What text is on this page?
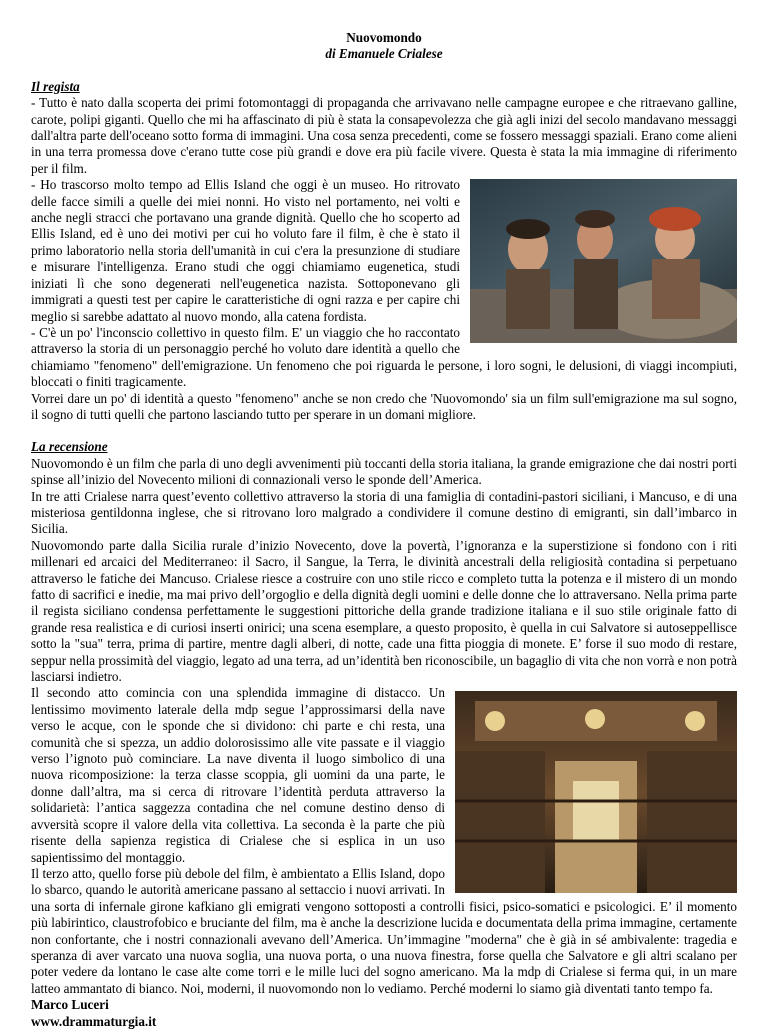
Nuovomondo

di Emanuele Crialese

Il regista

- Tutto è nato dalla scoperta dei primi fotomontaggi di propaganda che arrivavano nelle campagne europee e che ritraevano galline, carote, polipi giganti. Quello che mi ha affascinato di più è stata la consapevolezza che già agli inizi del secolo mandavano messaggi dall'altra parte dell'oceano sotto forma di immagini. Una cosa senza precedenti, come se fossero messaggi spaziali. Erano come alieni in una terra promessa dove c'erano tutte cose più grandi e dove era più facile vivere. Questa è stata la mia immagine di riferimento per il film.

- Ho trascorso molto tempo ad Ellis Island che oggi è un museo. Ho ritrovato delle facce simili a quelle dei miei nonni. Ho visto nel portamento, nei volti e anche negli stracci che portavano una grande dignità. Quello che ho scoperto ad Ellis Island, ed è uno dei motivi per cui ho voluto fare il film, è che è stato il primo laboratorio nella storia dell'umanità in cui c'era la presunzione di studiare e misurare l'intelligenza. Erano studi che oggi chiamiamo eugenetica, studi iniziati lì che sono degenerati nell'eugenetica nazista. Sottoponevano gli immigrati a questi test per capire le caratteristiche di ogni razza e per capire chi meglio si sarebbe adattato al nuovo mondo, alla catena fordista.

- C'è un po' l'inconscio collettivo in questo film. E' un viaggio che ho raccontato attraverso la storia di un personaggio perché ho voluto dare identità a quello che chiamiamo "fenomeno" dell'emigrazione. Un fenomeno che poi riguarda le persone, i loro sogni, le delusioni, di viaggi incompiuti, bloccati o finiti tragicamente.

Vorrei dare un po' di identità a questo "fenomeno" anche se non credo che 'Nuovomondo' sia un film sull'emigrazione ma sul sogno, il sogno di tutti quelli che partono lasciando tutto per sperare in un domani migliore.

La recensione

Nuovomondo è un film che parla di uno degli avvenimenti più toccanti della storia italiana, la grande emigrazione che dai nostri porti spinse all’inizio del Novecento milioni di connazionali verso le sponde dell’America.

In tre atti Crialese narra quest’evento collettivo attraverso la storia di una famiglia di contadini-pastori siciliani, i Mancuso, e di una misteriosa gentildonna inglese, che si ritrovano loro malgrado a condividere il comune destino di emigranti, sin dall’imbarco in Sicilia.

Nuovomondo parte dalla Sicilia rurale d’inizio Novecento, dove la povertà, l’ignoranza e la superstizione si fondono con i riti millenari ed arcaici del Mediterraneo: il Sacro, il Sangue, la Terra, le divinità ancestrali della religiosità contadina si perpetuano attraverso le fatiche dei Mancuso. Crialese riesce a costruire con uno stile ricco e completo tutta la potenza e il mistero di un mondo fatto di sacrifici e inedie, ma mai privo dell’orgoglio e della dignità degli uomini e delle donne che lo attraversano. Nella prima parte il regista siciliano condensa perfettamente le suggestioni pittoriche della grande tradizione italiana e il suo stile originale fatto di grande resa realistica e di curiosi inserti onirici; una scena esemplare, a questo proposito, è quella in cui Salvatore si autoseppellisce sotto la "sua" terra, prima di partire, mentre dagli alberi, di notte, cade una fitta pioggia di monete. E’ forse il suo modo di restare, seppur nella prossimità del viaggio, legato ad una terra, ad un’identità ben riconoscibile, un bagaglio di vita che non vorrà e non potrà lasciarsi indietro.

Il secondo atto comincia con una splendida immagine di distacco. Un lentissimo movimento laterale della mdp segue l’approssimarsi della nave verso le acque, con le sponde che si dividono: chi parte e chi resta, una comunità che si spezza, un addio dolorosissimo alle vite passate e il viaggio verso l’ignoto può cominciare. La nave diventa il luogo simbolico di una nuova ricomposizione: la terza classe scoppia, gli uomini da una parte, le donne dall’altra, ma si cerca di ritrovare l’identità perduta attraverso la solidarietà: l’antica saggezza contadina che nel comune destino denso di avversità scopre il valore della vita collettiva. La seconda è la parte che più risente della sapienza registica di Crialese che si esplica in un uso sapientissimo del montaggio.

Il terzo atto, quello forse più debole del film, è ambientato a Ellis Island, dopo lo sbarco, quando le autorità americane passano al settaccio i nuovi arrivati. In una sorta di infernale girone kafkiano gli emigrati vengono sottoposti a controlli fisici, psico-somatici e psicologici. E’ il momento più labirintico, claustrofobico e bruciante del film, ma è anche la descrizione lucida e documentata della prima immagine, certamente non confortante, che i nostri connazionali avevano dell’America. Un’immagine "moderna" che è già in sé ambivalente: tragedia e speranza di aver varcato una nuova soglia, una nuova porta, o una nuova finestra, forse quella che Salvatore e gli altri scalano per poter vedere da lontano le case alte come torri e le mille luci del sogno americano. Ma la mdp di Crialese si ferma qui, in un mare latteo ammantato di bianco. Noi, moderni, il nuovomondo non lo vediamo. Perché moderni lo siamo già diventati tanto tempo fa.

Marco Luceri

www.drammaturgia.it
